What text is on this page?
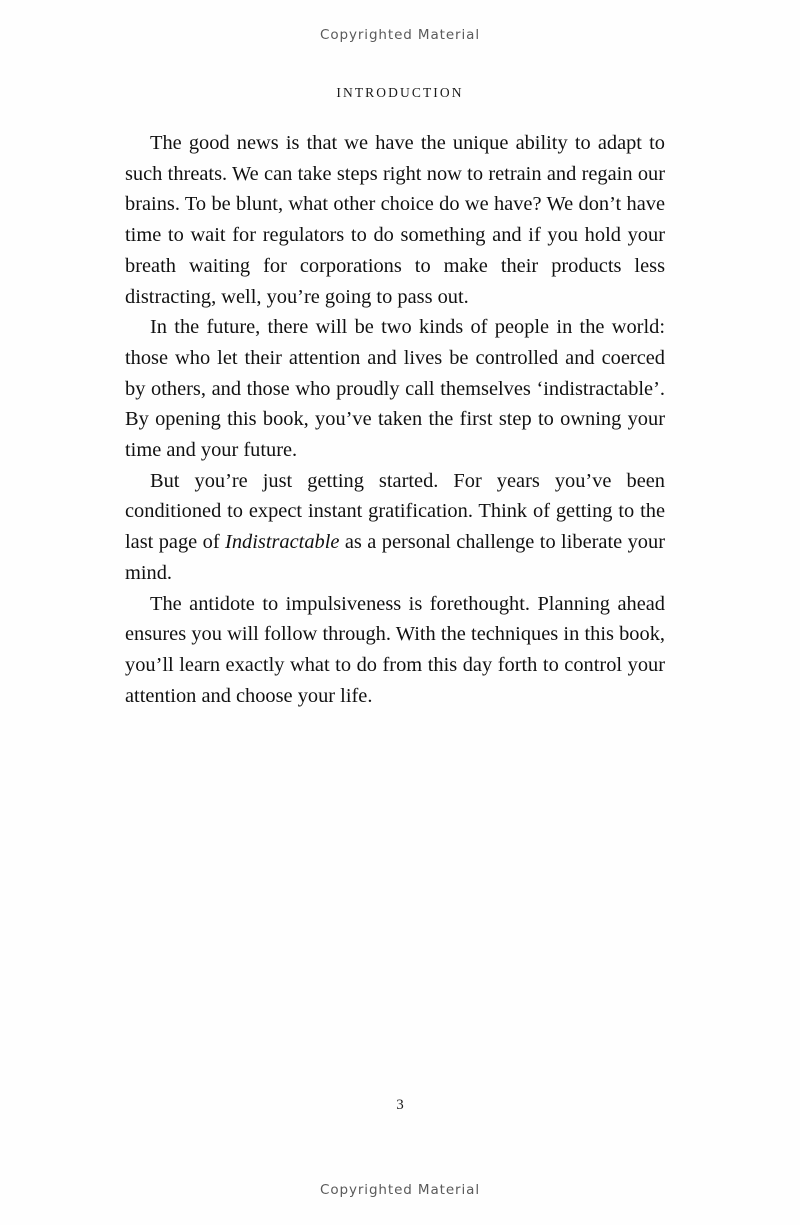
Copyrighted Material
INTRODUCTION

The good news is that we have the unique ability to adapt to such threats. We can take steps right now to retrain and regain our brains. To be blunt, what other choice do we have? We don’t have time to wait for regulators to do something and if you hold your breath waiting for corporations to make their products less distracting, well, you’re going to pass out.

In the future, there will be two kinds of people in the world: those who let their attention and lives be controlled and coerced by others, and those who proudly call themselves ‘indistractable’. By opening this book, you’ve taken the first step to owning your time and your future.

But you’re just getting started. For years you’ve been conditioned to expect instant gratification. Think of getting to the last page of Indistractable as a personal challenge to liberate your mind.

The antidote to impulsiveness is forethought. Planning ahead ensures you will follow through. With the techniques in this book, you’ll learn exactly what to do from this day forth to control your attention and choose your life.

3
Copyrighted Material
